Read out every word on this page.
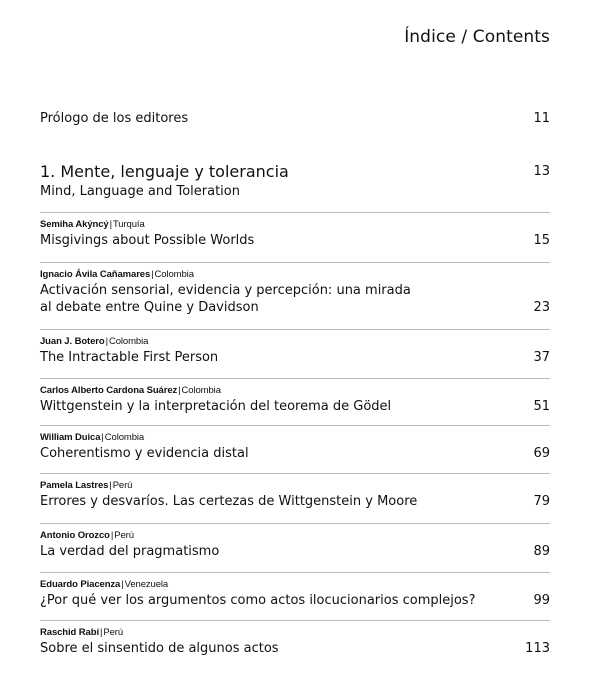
Índice / Contents
Prólogo de los editores	11
1. Mente, lenguaje y tolerancia	13
Mind, Language and Toleration
Semiha Akýncý|Turquía
Misgivings about Possible Worlds	15
Ignacio Ávila Cañamares|Colombia
Activación sensorial, evidencia y percepción: una mirada
al debate entre Quine y Davidson	23
Juan J. Botero|Colombia
The Intractable First Person	37
Carlos Alberto Cardona Suárez|Colombia
Wittgenstein y la interpretación del teorema de Gödel	51
William Duica|Colombia
Coherentismo y evidencia distal	69
Pamela Lastres|Perú
Errores y desvaríos. Las certezas de Wittgenstein y Moore	79
Antonio Orozco|Perú
La verdad del pragmatismo	89
Eduardo Piacenza|Venezuela
¿Por qué ver los argumentos como actos ilocucionarios complejos?	99
Raschid Rabí|Perú
Sobre el sinsentido de algunos actos	113
